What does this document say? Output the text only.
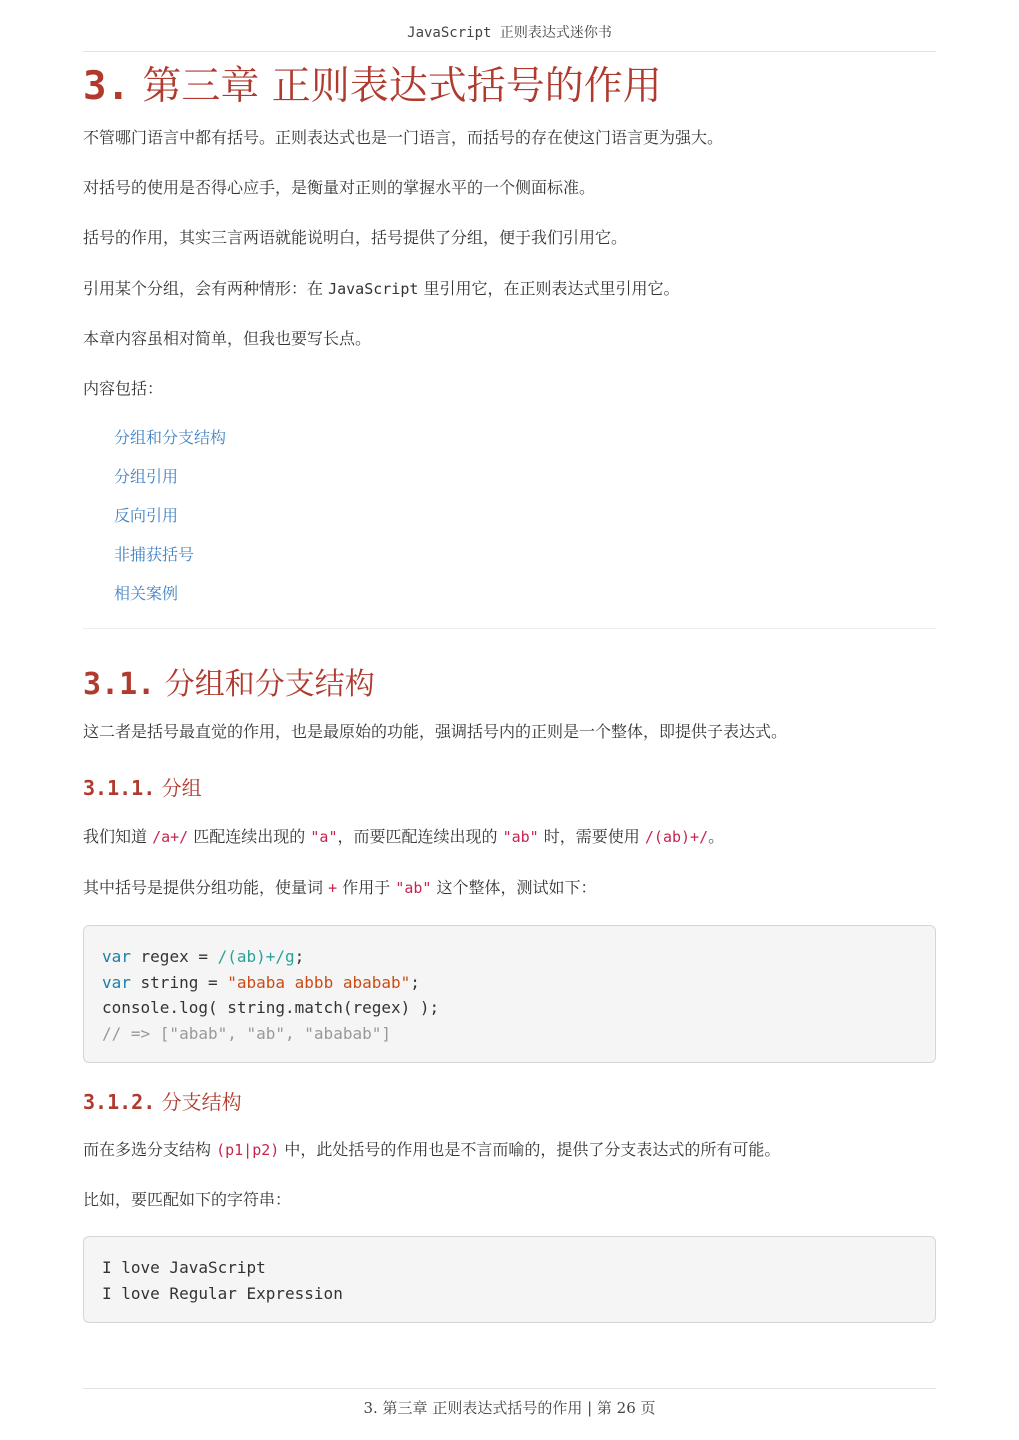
JavaScript 正则表达式迷你书
3. 第三章 正则表达式括号的作用

不管哪门语言中都有括号。正则表达式也是一门语言，而括号的存在使这门语言更为强大。

对括号的使用是否得心应手，是衡量对正则的掌握水平的一个侧面标准。

括号的作用，其实三言两语就能说明白，括号提供了分组，便于我们引用它。

引用某个分组，会有两种情形：在 JavaScript 里引用它，在正则表达式里引用它。

本章内容虽相对简单，但我也要写长点。

内容包括：

分组和分支结构
分组引用
反向引用
非捕获括号
相关案例
3.1. 分组和分支结构

这二者是括号最直觉的作用，也是最原始的功能，强调括号内的正则是一个整体，即提供子表达式。

3.1.1. 分组

我们知道 /a+/ 匹配连续出现的 "a"，而要匹配连续出现的 "ab" 时，需要使用 /(ab)+/。

其中括号是提供分组功能，使量词 + 作用于 "ab" 这个整体，测试如下：

var regex = /(ab)+/g;
var string = "ababa abbb ababab";
console.log( string.match(regex) );
// => ["abab", "ab", "ababab"]
3.1.2. 分支结构

而在多选分支结构 (p1|p2) 中，此处括号的作用也是不言而喻的，提供了分支表达式的所有可能。

比如，要匹配如下的字符串：

I love JavaScript
I love Regular Expression
3. 第三章 正则表达式括号的作用 | 第 26 页
